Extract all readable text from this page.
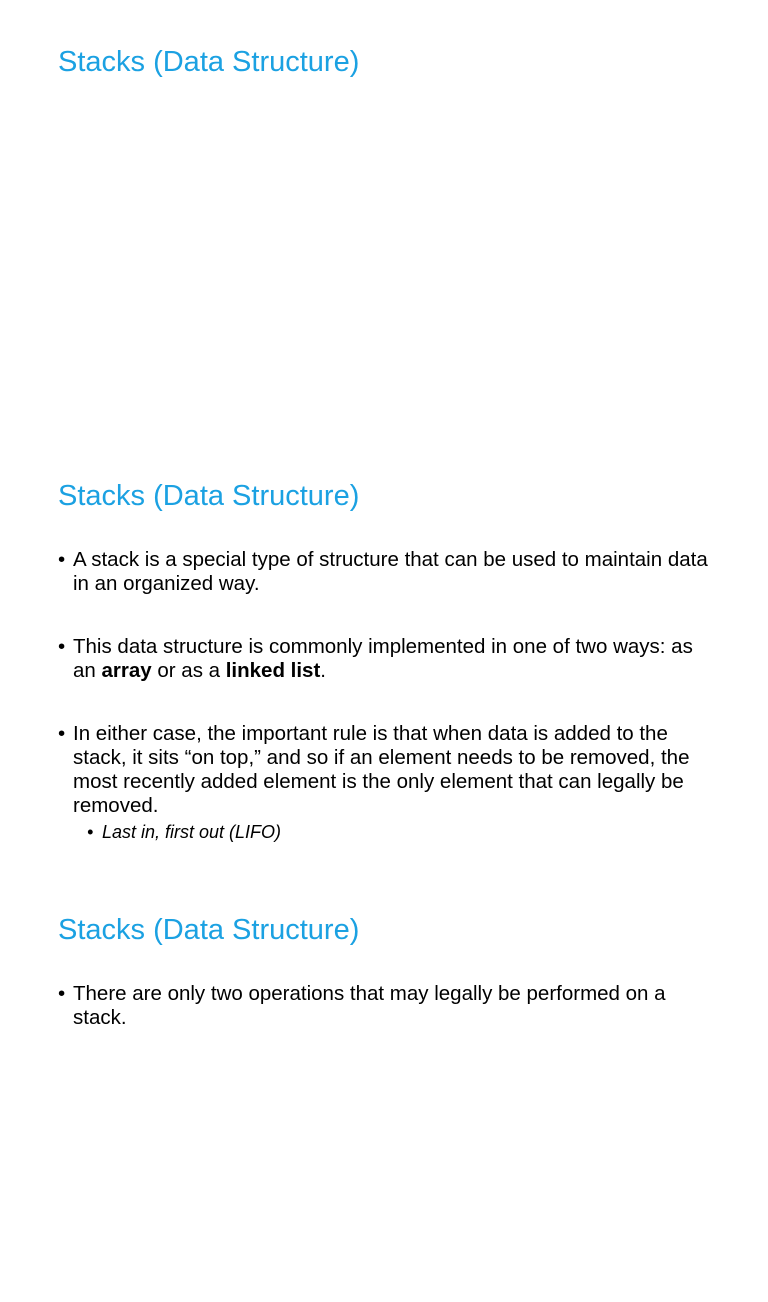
Stacks (Data Structure)
Stacks (Data Structure)
• A stack is a special type of structure that can be used to maintain data in an organized way.
• This data structure is commonly implemented in one of two ways: as an array or as a linked list.
• In either case, the important rule is that when data is added to the stack, it sits “on top,” and so if an element needs to be removed, the most recently added element is the only element that can legally be removed.
• Last in, first out (LIFO)
Stacks (Data Structure)
• There are only two operations that may legally be performed on a stack.
